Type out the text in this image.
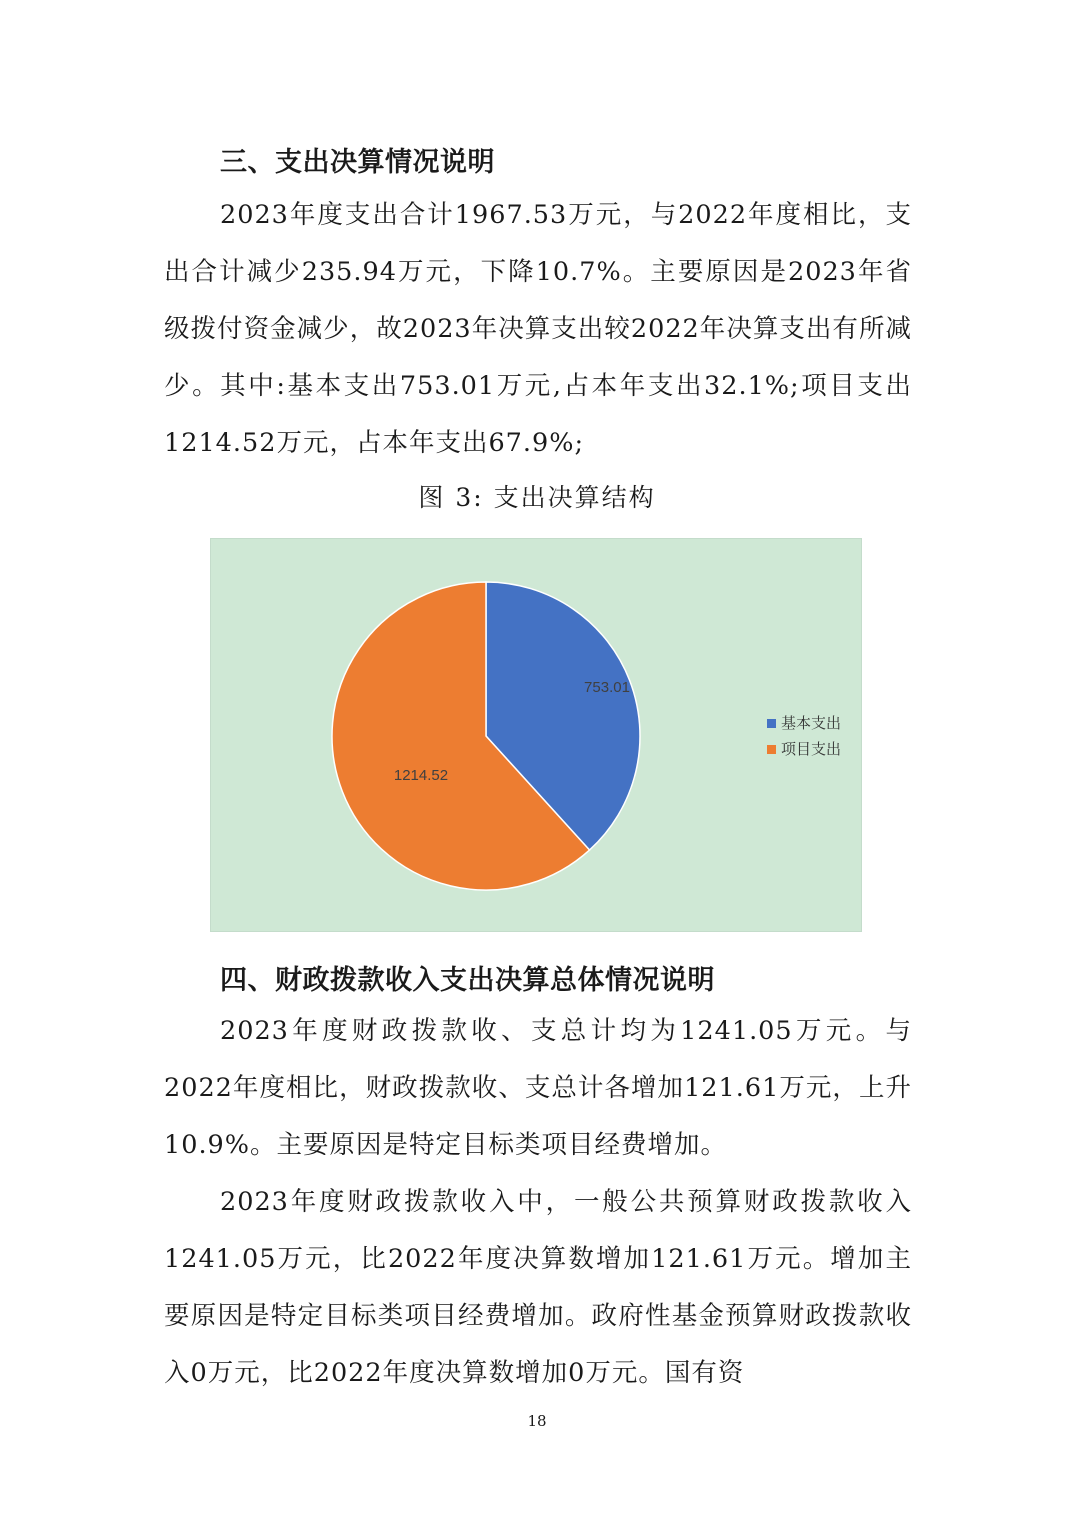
三、支出决算情况说明

2023年度支出合计1967.53万元，与2022年度相比，支出合计减少235.94万元，下降10.7%。主要原因是2023年省级拨付资金减少，故2023年决算支出较2022年决算支出有所减少。其中:基本支出753.01万元,占本年支出32.1%;项目支出1214.52万元，占本年支出67.9%;

图 3: 支出决算结构
753.01
1214.52
基本支出
项目支出
四、财政拨款收入支出决算总体情况说明

2023年度财政拨款收、支总计均为1241.05万元。与2022年度相比，财政拨款收、支总计各增加121.61万元，上升10.9%。主要原因是特定目标类项目经费增加。

2023年度财政拨款收入中，一般公共预算财政拨款收入1241.05万元，比2022年度决算数增加121.61万元。增加主要原因是特定目标类项目经费增加。政府性基金预算财政拨款收入0万元，比2022年度决算数增加0万元。国有资

18
